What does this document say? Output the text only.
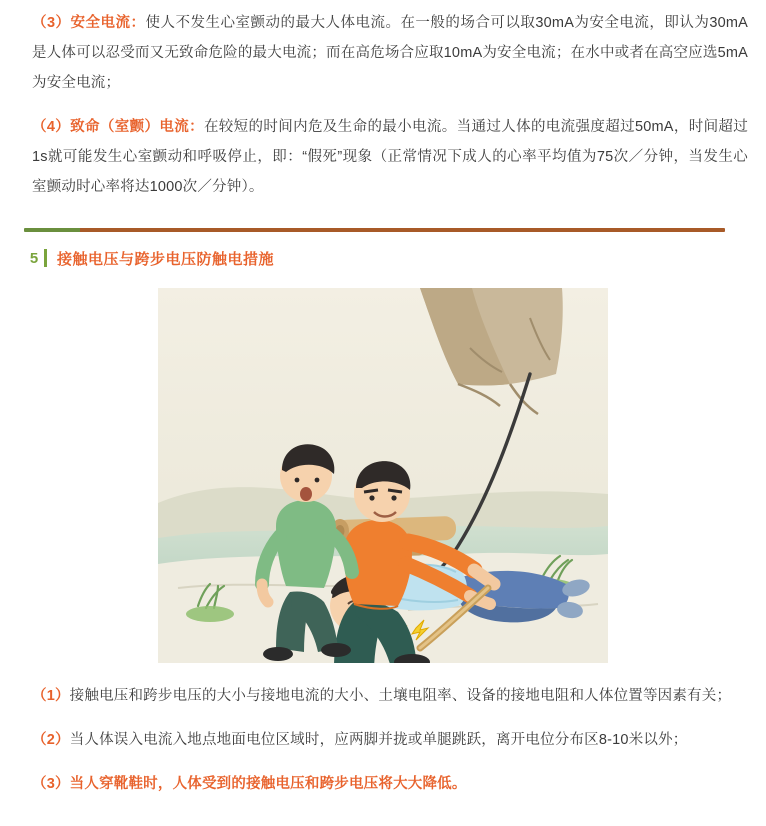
（3）安全电流：使人不发生心室颤动的最大人体电流。在一般的场合可以取30mA为安全电流，即认为30mA是人体可以忍受而又无致命危险的最大电流；而在高危场合应取10mA为安全电流；在水中或者在高空应选5mA为安全电流；

（4）致命（室颤）电流：在较短的时间内危及生命的最小电流。当通过人体的电流强度超过50mA，时间超过1s就可能发生心室颤动和呼吸停止，即：“假死”现象（正常情况下成人的心率平均值为75次／分钟，当发生心室颤动时心率将达1000次／分钟）。

5	接触电压与跨步电压防触电措施

（1）接触电压和跨步电压的大小与接地电流的大小、土壤电阻率、设备的接地电阻和人体位置等因素有关；

（2）当人体误入电流入地点地面电位区域时，应两脚并拢或单腿跳跃，离开电位分布区8-10米以外；

（3）当人穿靴鞋时，人体受到的接触电压和跨步电压将大大降低。
